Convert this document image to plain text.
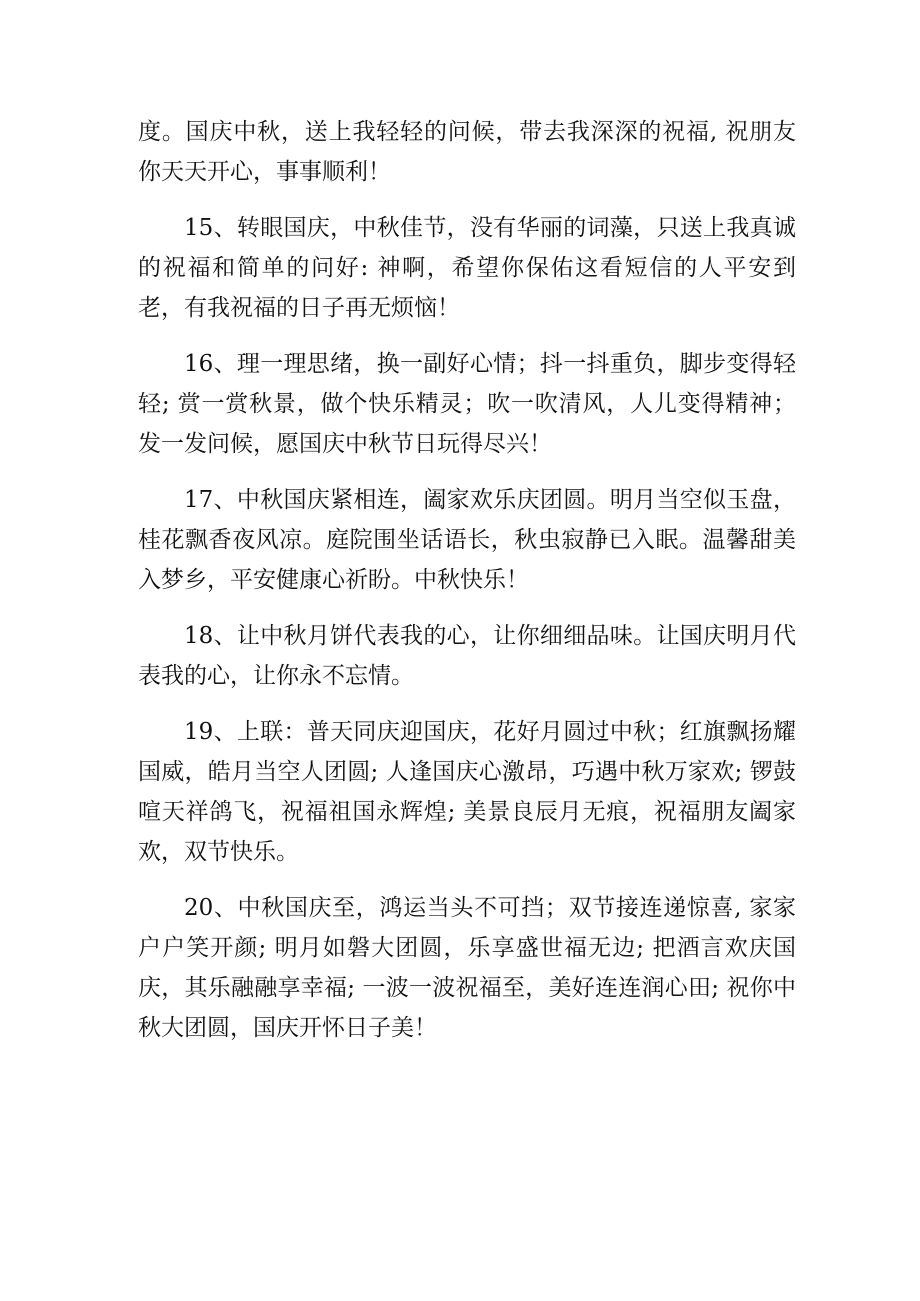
度。国庆中秋，送上我轻轻的问候，带去我深深的祝福, 祝朋友你天天开心，事事顺利！

15、转眼国庆，中秋佳节，没有华丽的词藻，只送上我真诚的祝福和简单的问好: 神啊，希望你保佑这看短信的人平安到老，有我祝福的日子再无烦恼！

16、理一理思绪，换一副好心情；抖一抖重负，脚步变得轻轻; 赏一赏秋景，做个快乐精灵；吹一吹清风，人儿变得精神；发一发问候，愿国庆中秋节日玩得尽兴！

17、中秋国庆紧相连，阖家欢乐庆团圆。明月当空似玉盘，桂花飘香夜风凉。庭院围坐话语长，秋虫寂静已入眠。温馨甜美入梦乡，平安健康心祈盼。中秋快乐！

18、让中秋月饼代表我的心，让你细细品味。让国庆明月代表我的心，让你永不忘情。

19、上联：普天同庆迎国庆，花好月圆过中秋；红旗飘扬耀国威，皓月当空人团圆; 人逢国庆心激昂，巧遇中秋万家欢; 锣鼓喧天祥鸽飞，祝福祖国永辉煌; 美景良辰月无痕，祝福朋友阖家欢，双节快乐。

20、中秋国庆至，鸿运当头不可挡；双节接连递惊喜, 家家户户笑开颜; 明月如磐大团圆，乐享盛世福无边; 把酒言欢庆国庆，其乐融融享幸福; 一波一波祝福至，美好连连润心田; 祝你中秋大团圆，国庆开怀日子美！
